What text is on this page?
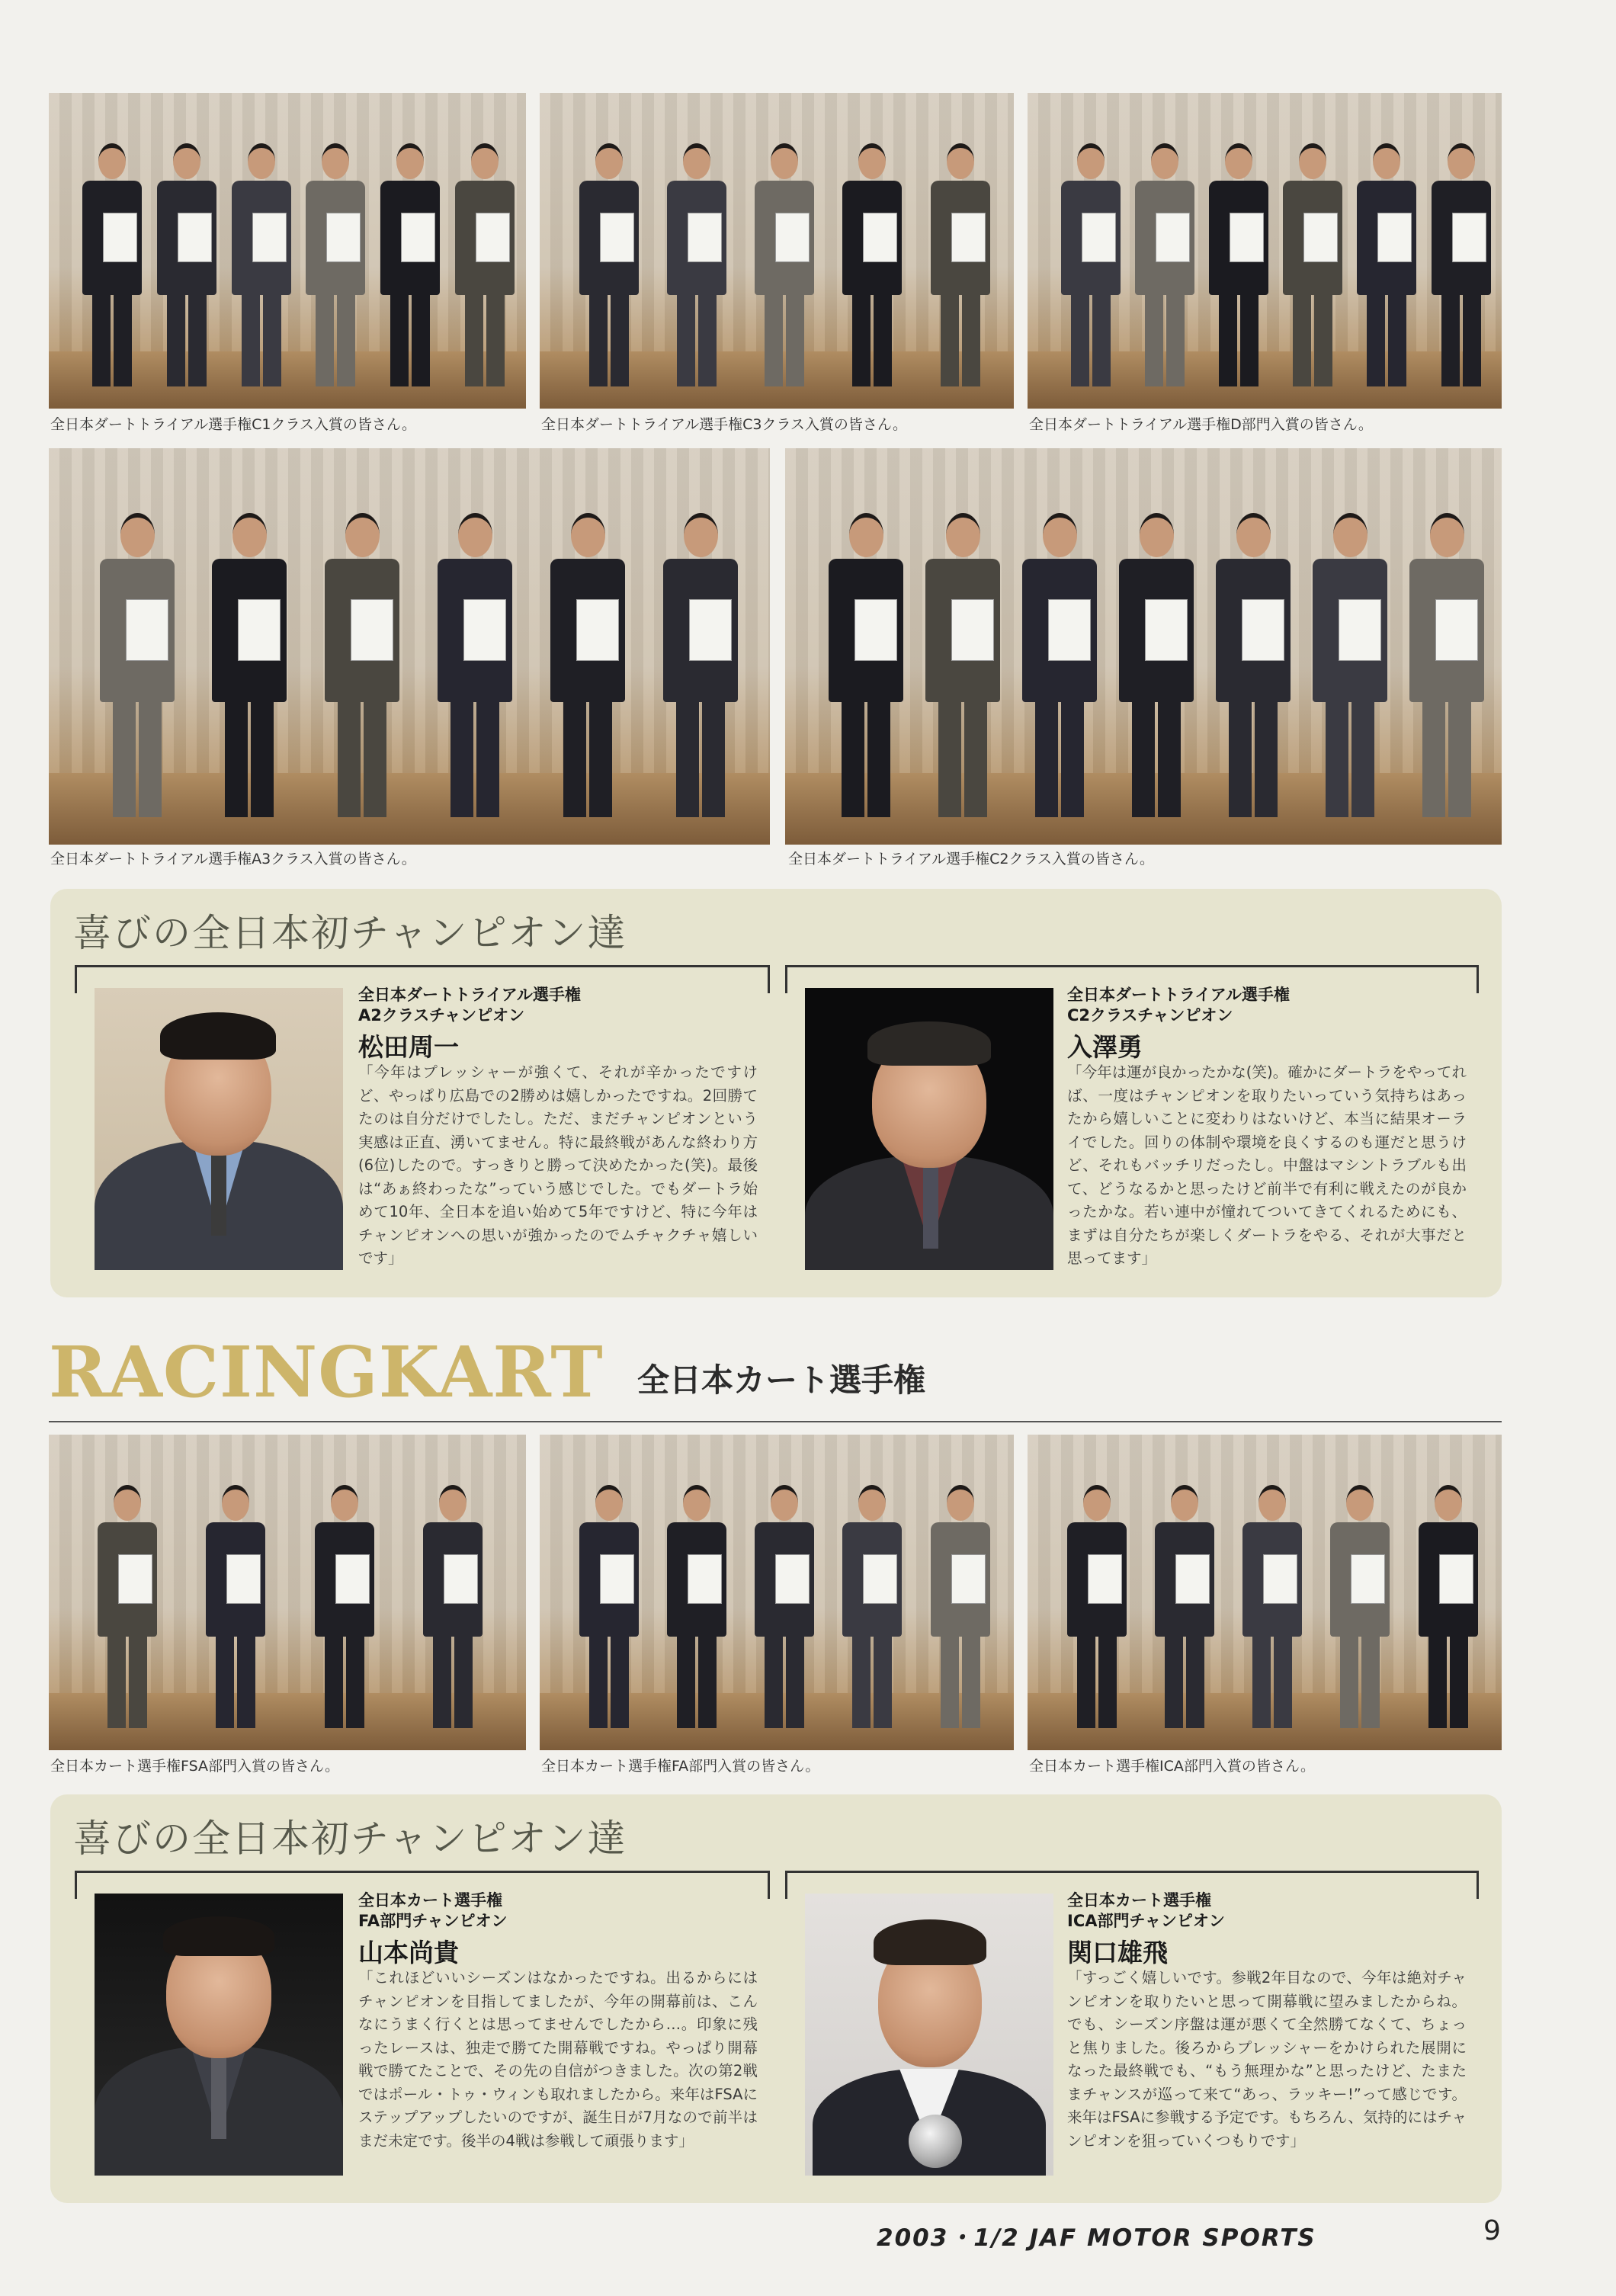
全日本ダートトライアル選手権C1クラス入賞の皆さん。	全日本ダートトライアル選手権C3クラス入賞の皆さん。	全日本ダートトライアル選手権D部門入賞の皆さん。
全日本ダートトライアル選手権A3クラス入賞の皆さん。	全日本ダートトライアル選手権C2クラス入賞の皆さん。
喜びの全日本初チャンピオン達
全日本ダートトライアル選手権
A2クラスチャンピオン
松田周一
「今年はプレッシャーが強くて、それが辛かったですけど、やっぱり広島での2勝めは嬉しかったですね。2回勝てたのは自分だけでしたし。ただ、まだチャンピオンという実感は正直、湧いてません。特に最終戦があんな終わり方(6位)したので。すっきりと勝って決めたかった(笑)。最後は“あぁ終わったな”っていう感じでした。でもダートラ始めて10年、全日本を追い始めて5年ですけど、特に今年はチャンピオンへの思いが強かったのでムチャクチャ嬉しいです」
全日本ダートトライアル選手権
C2クラスチャンピオン
入澤勇
「今年は運が良かったかな(笑)。確かにダートラをやってれば、一度はチャンピオンを取りたいっていう気持ちはあったから嬉しいことに変わりはないけど、本当に結果オーライでした。回りの体制や環境を良くするのも運だと思うけど、それもバッチリだったし。中盤はマシントラブルも出て、どうなるかと思ったけど前半で有利に戦えたのが良かったかな。若い連中が憧れてついてきてくれるためにも、まずは自分たちが楽しくダートラをやる、それが大事だと思ってます」
RACINGKART 全日本カート選手権
全日本カート選手権FSA部門入賞の皆さん。	全日本カート選手権FA部門入賞の皆さん。	全日本カート選手権ICA部門入賞の皆さん。
喜びの全日本初チャンピオン達
全日本カート選手権
FA部門チャンピオン
山本尚貴
「これほどいいシーズンはなかったですね。出るからにはチャンピオンを目指してましたが、今年の開幕前は、こんなにうまく行くとは思ってませんでしたから…。印象に残ったレースは、独走で勝てた開幕戦ですね。やっぱり開幕戦で勝てたことで、その先の自信がつきました。次の第2戦ではポール・トゥ・ウィンも取れましたから。来年はFSAにステップアップしたいのですが、誕生日が7月なので前半はまだ未定です。後半の4戦は参戦して頑張ります」
全日本カート選手権
ICA部門チャンピオン
関口雄飛
「すっごく嬉しいです。参戦2年目なので、今年は絶対チャンピオンを取りたいと思って開幕戦に望みましたからね。でも、シーズン序盤は運が悪くて全然勝てなくて、ちょっと焦りました。後ろからプレッシャーをかけられた展開になった最終戦でも、“もう無理かな”と思ったけど、たまたまチャンスが巡って来て“あっ、ラッキー!”って感じです。来年はFSAに参戦する予定です。もちろん、気持的にはチャンピオンを狙っていくつもりです」
2003・1/2 JAF MOTOR SPORTS	9
